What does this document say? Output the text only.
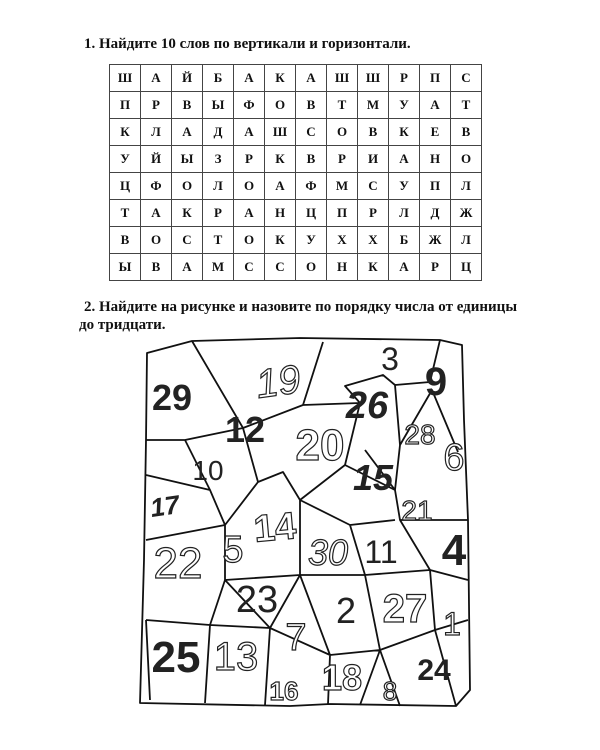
1. Найдите 10 слов по вертикали и горизонтали.
Ш	А	Й	Б	А	К	А	Ш	Ш	Р	П	С
П	Р	В	Ы	Ф	О	В	Т	М	У	А	Т
К	Л	А	Д	А	Ш	С	О	В	К	Е	В
У	Й	Ы	З	Р	К	В	Р	И	А	Н	О
Ц	Ф	О	Л	О	А	Ф	М	С	У	П	Л
Т	А	К	Р	А	Н	Ц	П	Р	Л	Д	Ж
В	О	С	Т	О	К	У	Х	Х	Б	Ж	Л
Ы	В	А	М	С	С	О	Н	К	А	Р	Ц
2. Найдите на рисунке и назовите по порядку числа от единицы
до тридцати.
29 19 3
9
12 20
26
28
6
10	15
17 14	21
5 30 11 4
22
23 2 27 1
7
25 13 18 24
16	8
